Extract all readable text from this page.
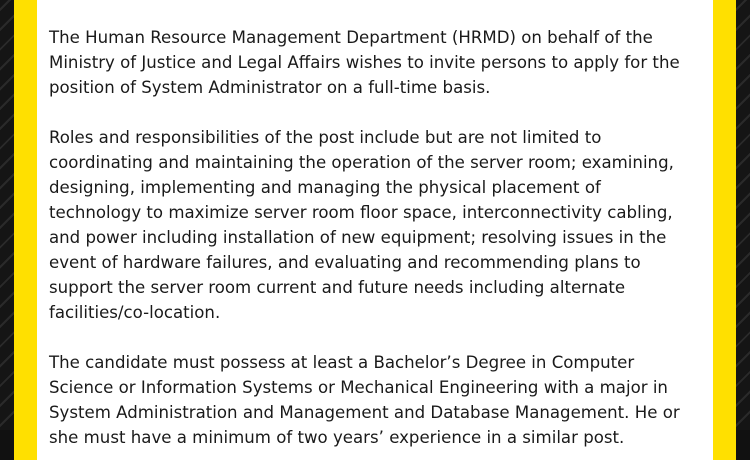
The Human Resource Management Department (HRMD) on behalf of the
Ministry of Justice and Legal Affairs wishes to invite persons to apply for the
position of System Administrator on a full-time basis.

Roles and responsibilities of the post include but are not limited to
coordinating and maintaining the operation of the server room; examining,
designing, implementing and managing the physical placement of
technology to maximize server room floor space, interconnectivity cabling,
and power including installation of new equipment; resolving issues in the
event of hardware failures, and evaluating and recommending plans to
support the server room current and future needs including alternate
facilities/co-location.

The candidate must possess at least a Bachelor’s Degree in Computer
Science or Information Systems or Mechanical Engineering with a major in
System Administration and Management and Database Management. He or
she must have a minimum of two years’ experience in a similar post.
